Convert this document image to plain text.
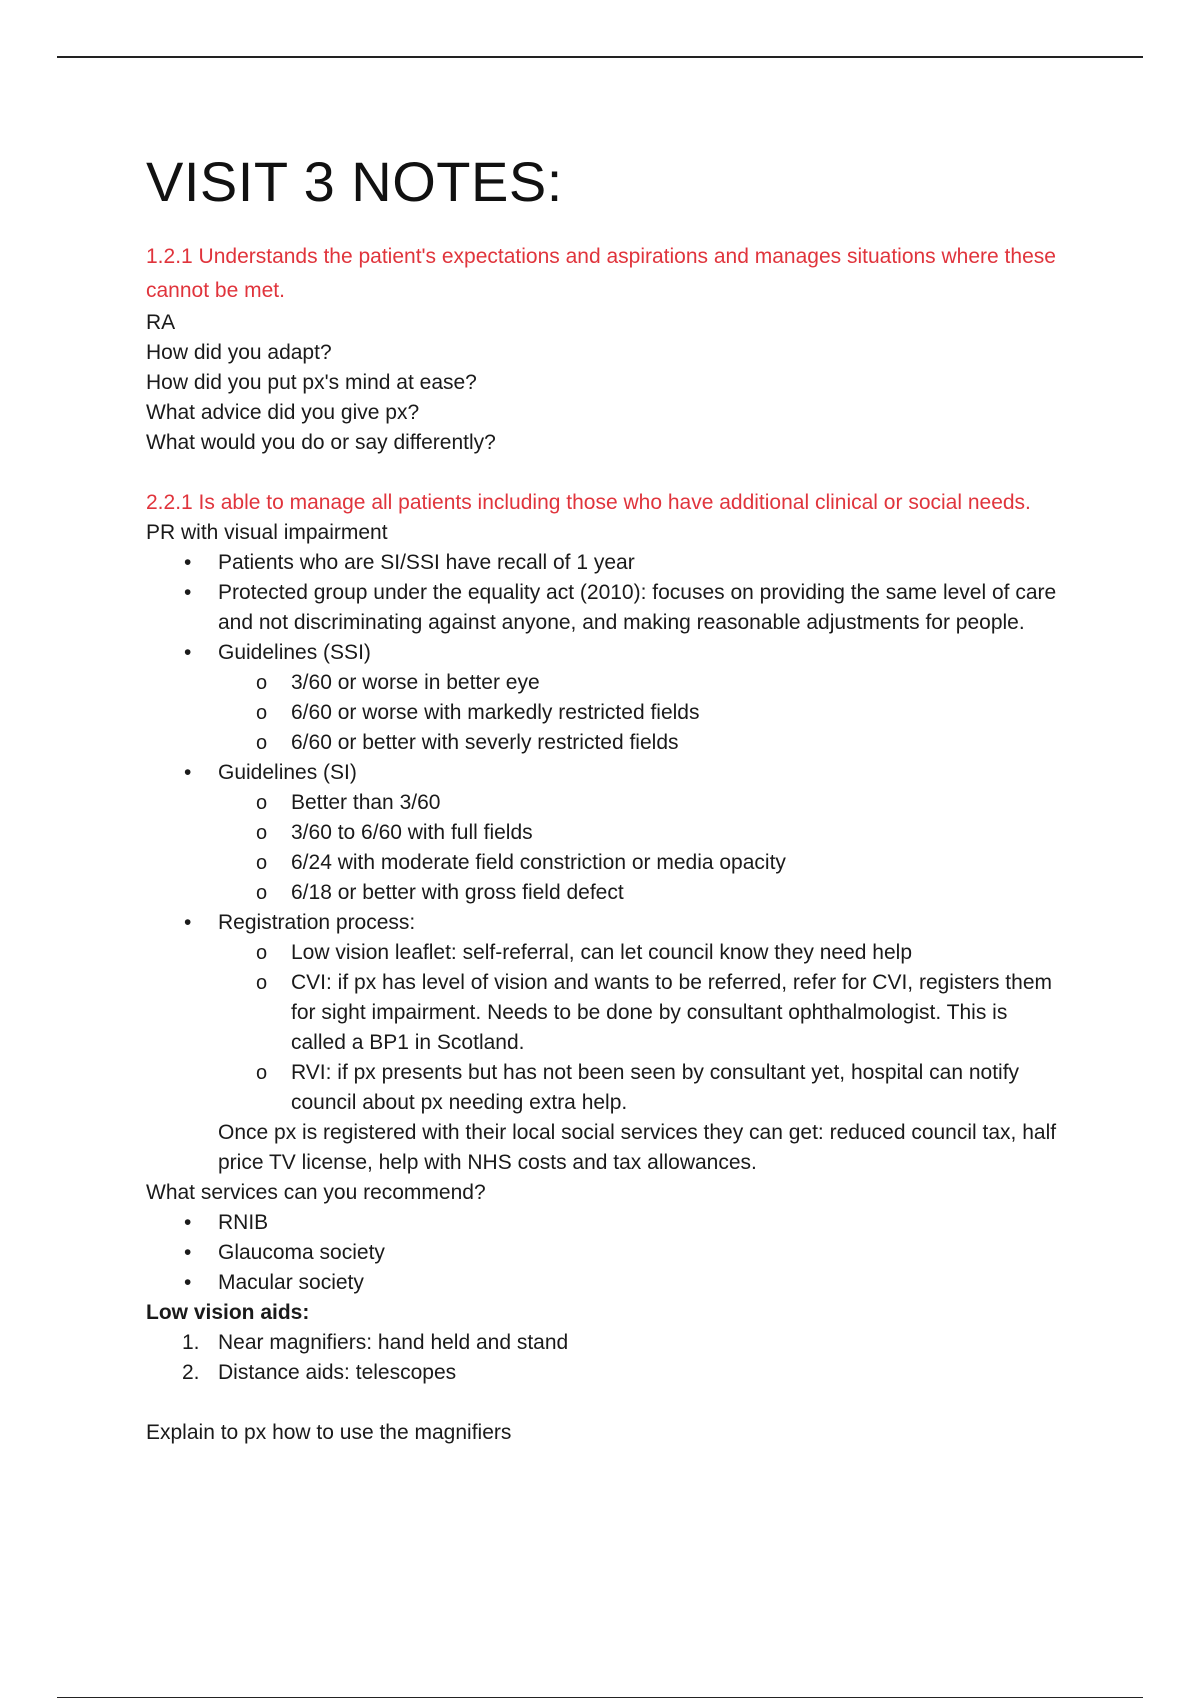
VISIT 3 NOTES:

1.2.1 Understands the patient's expectations and aspirations and manages situations where these cannot be met.

RA

How did you adapt?

How did you put px's mind at ease?

What advice did you give px?

What would you do or say differently?

2.2.1 Is able to manage all patients including those who have additional clinical or social needs.

PR with visual impairment

• Patients who are SI/SSI have recall of 1 year
• Protected group under the equality act (2010): focuses on providing the same level of care and not discriminating against anyone, and making reasonable adjustments for people.
• Guidelines (SSI)
o 3/60 or worse in better eye
o 6/60 or worse with markedly restricted fields
o 6/60 or better with severly restricted fields
• Guidelines (SI)
o Better than 3/60
o 3/60 to 6/60 with full fields
o 6/24 with moderate field constriction or media opacity
o 6/18 or better with gross field defect
• Registration process:
o Low vision leaflet: self-referral, can let council know they need help
o CVI: if px has level of vision and wants to be referred, refer for CVI, registers them for sight impairment. Needs to be done by consultant ophthalmologist. This is called a BP1 in Scotland.
o RVI: if px presents but has not been seen by consultant yet, hospital can notify council about px needing extra help.

Once px is registered with their local social services they can get: reduced council tax, half price TV license, help with NHS costs and tax allowances.

What services can you recommend?

• RNIB
• Glaucoma society
• Macular society

Low vision aids:

1. Near magnifiers: hand held and stand
2. Distance aids: telescopes

Explain to px how to use the magnifiers
